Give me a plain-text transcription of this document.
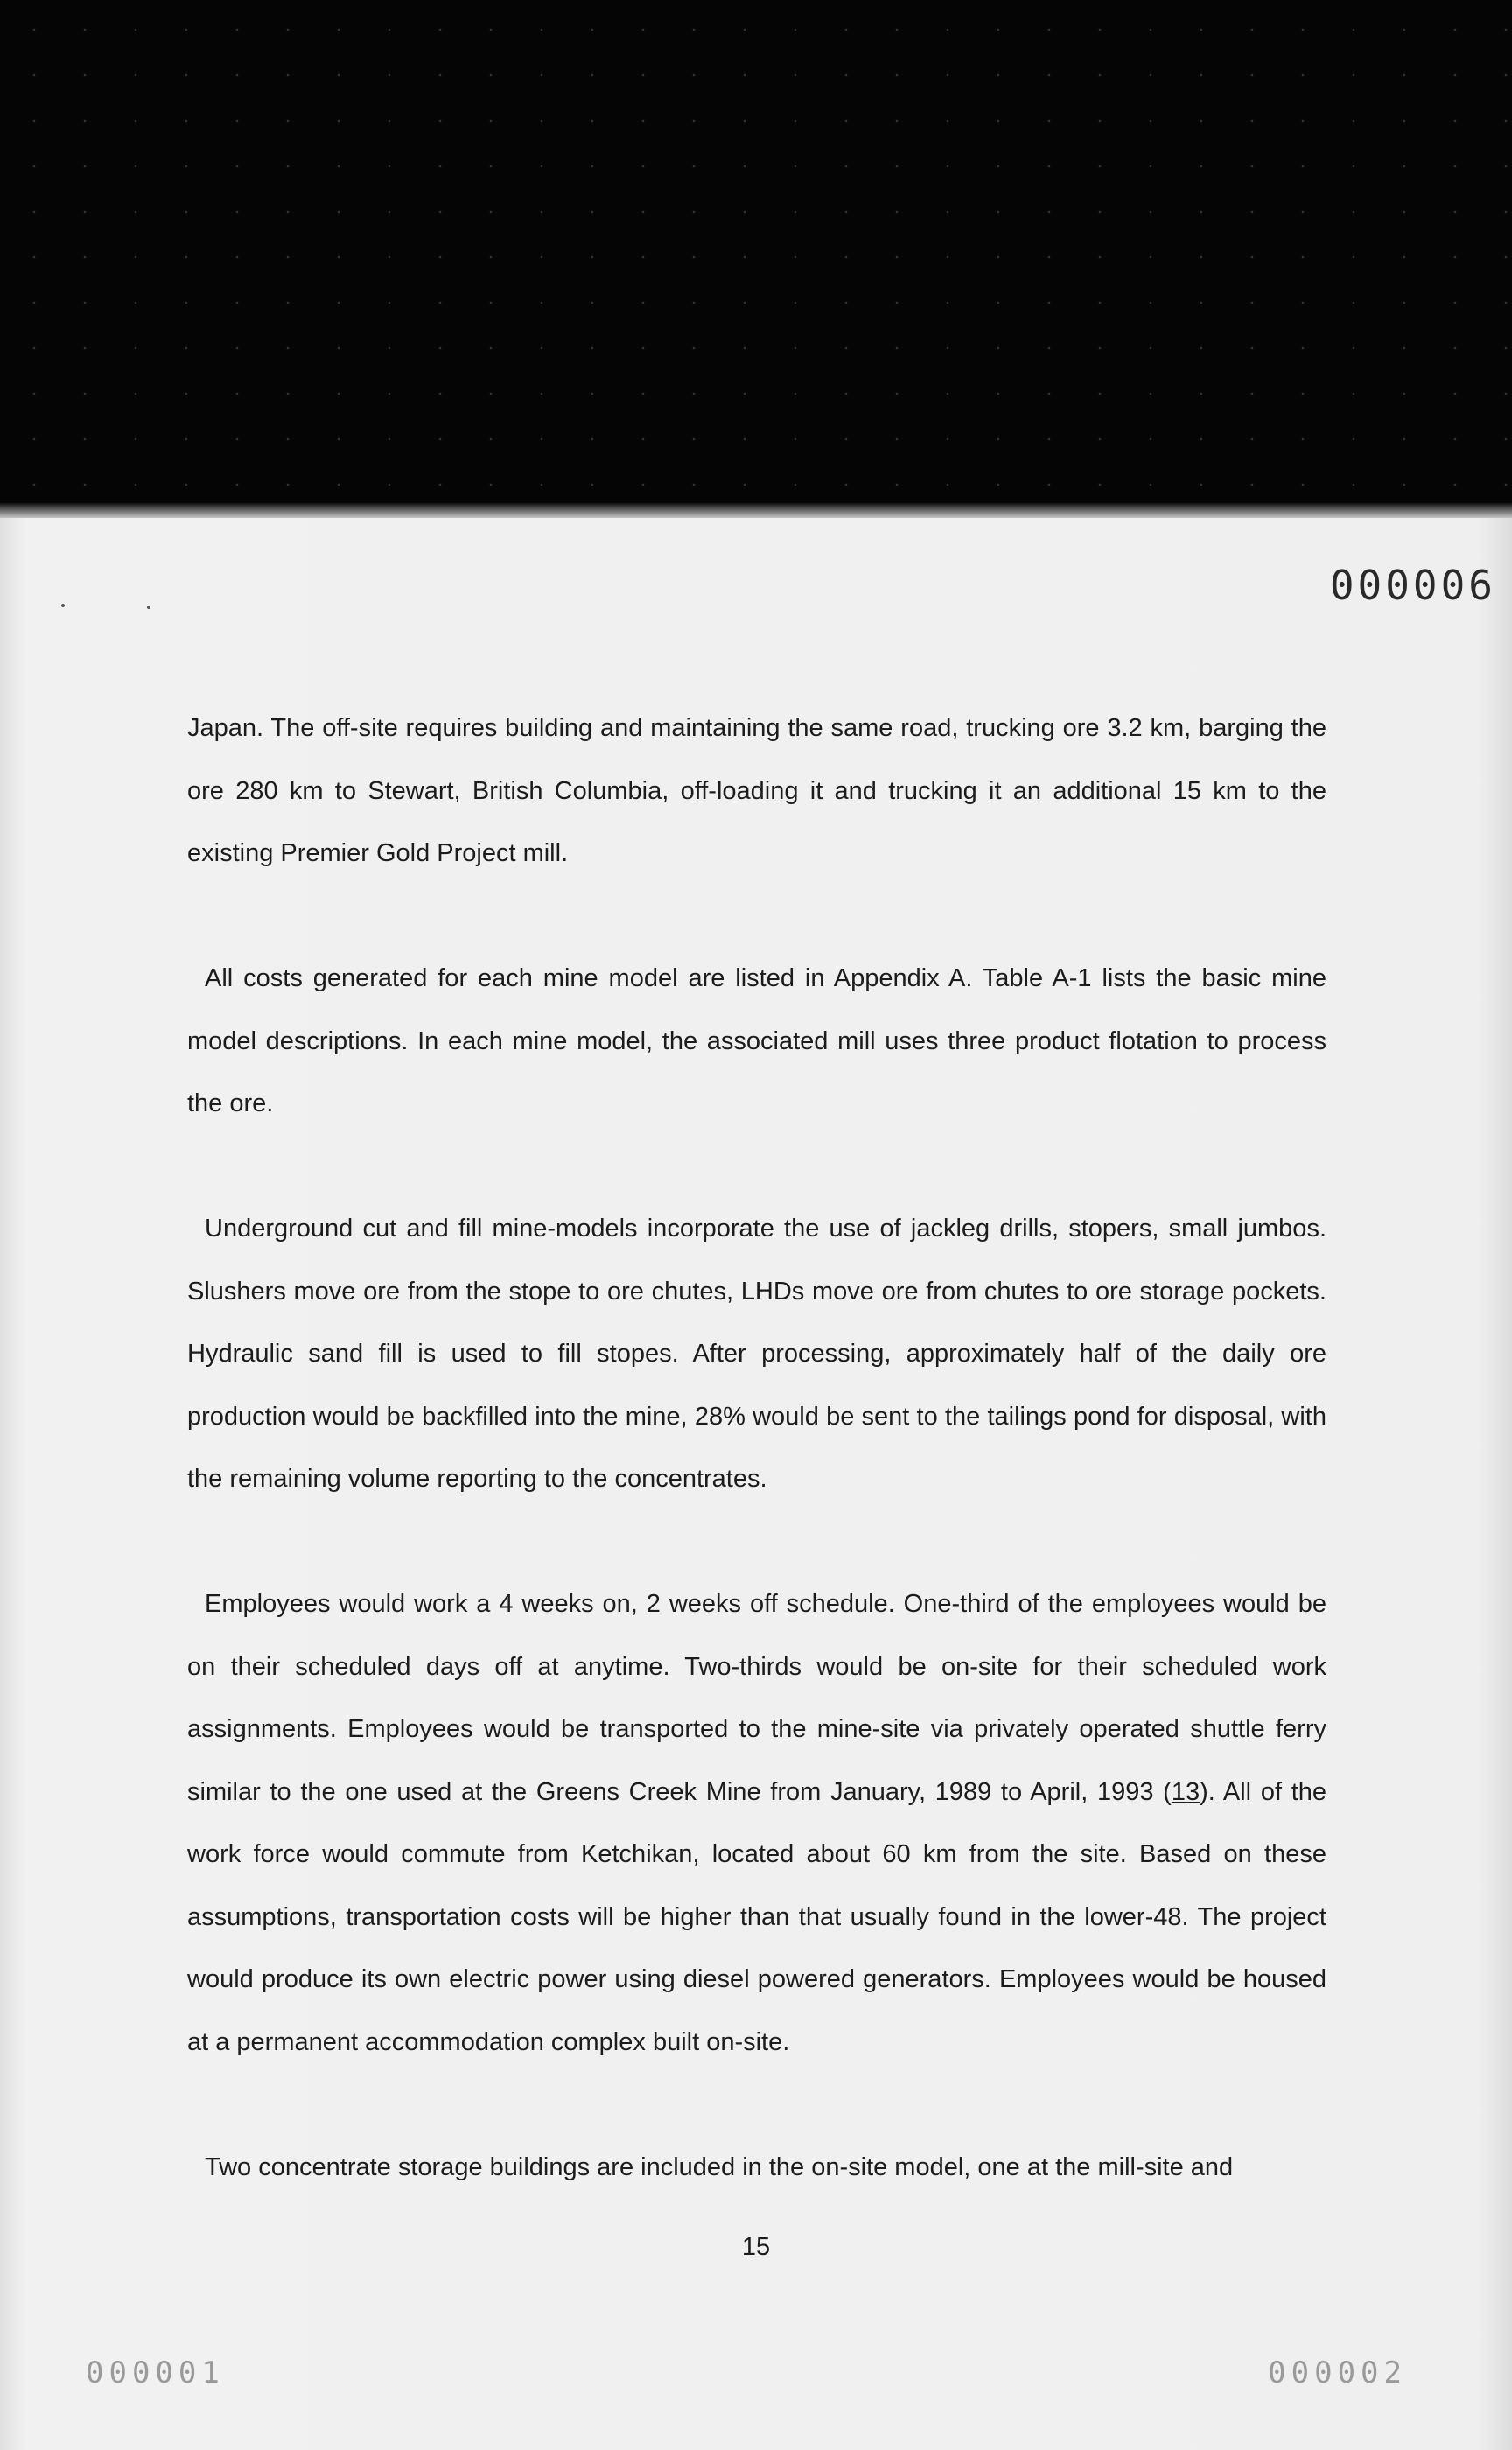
000006

Japan. The off-site requires building and maintaining the same road, trucking ore 3.2 km, barging the ore 280 km to Stewart, British Columbia, off-loading it and trucking it an additional 15 km to the existing Premier Gold Project mill.

All costs generated for each mine model are listed in Appendix A. Table A-1 lists the basic mine model descriptions. In each mine model, the associated mill uses three product flotation to process the ore.

Underground cut and fill mine-models incorporate the use of jackleg drills, stopers, small jumbos. Slushers move ore from the stope to ore chutes, LHDs move ore from chutes to ore storage pockets. Hydraulic sand fill is used to fill stopes. After processing, approximately half of the daily ore production would be backfilled into the mine, 28% would be sent to the tailings pond for disposal, with the remaining volume reporting to the concentrates.

Employees would work a 4 weeks on, 2 weeks off schedule. One-third of the employees would be on their scheduled days off at anytime. Two-thirds would be on-site for their scheduled work assignments. Employees would be transported to the mine-site via privately operated shuttle ferry similar to the one used at the Greens Creek Mine from January, 1989 to April, 1993 (13). All of the work force would commute from Ketchikan, located about 60 km from the site. Based on these assumptions, transportation costs will be higher than that usually found in the lower-48. The project would produce its own electric power using diesel powered generators. Employees would be housed at a permanent accommodation complex built on-site.

Two concentrate storage buildings are included in the on-site model, one at the mill-site and

15
000001	000002
